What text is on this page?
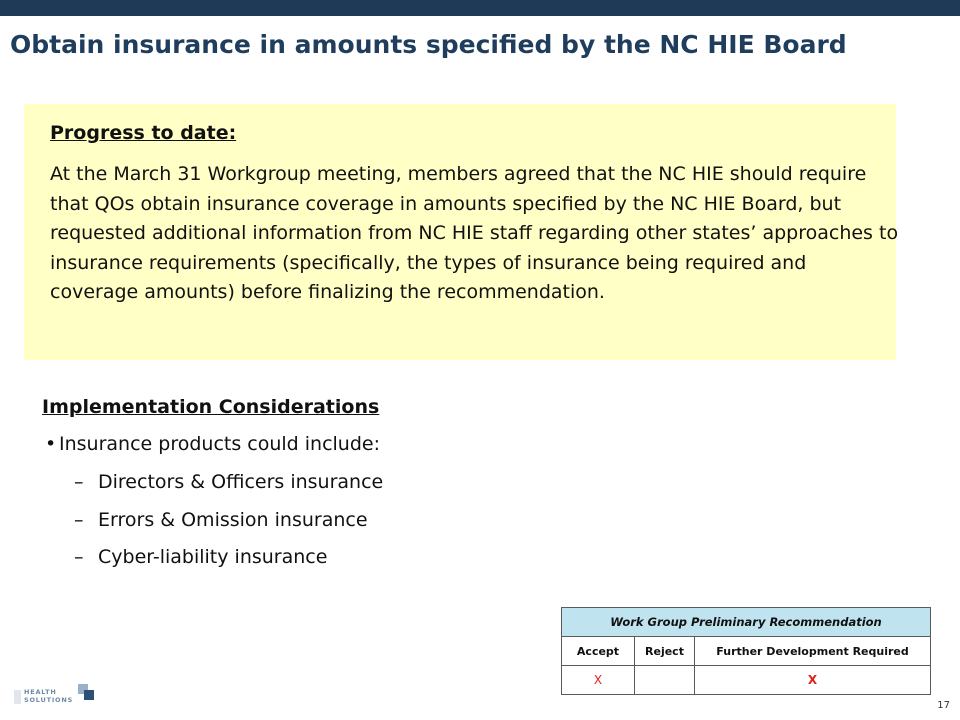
Obtain insurance in amounts specified by the NC HIE Board
Progress to date:
At the March 31 Workgroup meeting, members agreed that the NC HIE should require that QOs obtain insurance coverage in amounts specified by the NC HIE Board, but requested additional information from NC HIE staff regarding other states’ approaches to insurance requirements (specifically, the types of insurance being required and coverage amounts) before finalizing the recommendation.
Implementation Considerations
• Insurance products could include:
– Directors & Officers insurance
– Errors & Omission insurance
– Cyber-liability insurance
Work Group Preliminary Recommendation		
Accept	Reject	Further Development Required
X		X
HEALTH
SOLUTIONS
17
